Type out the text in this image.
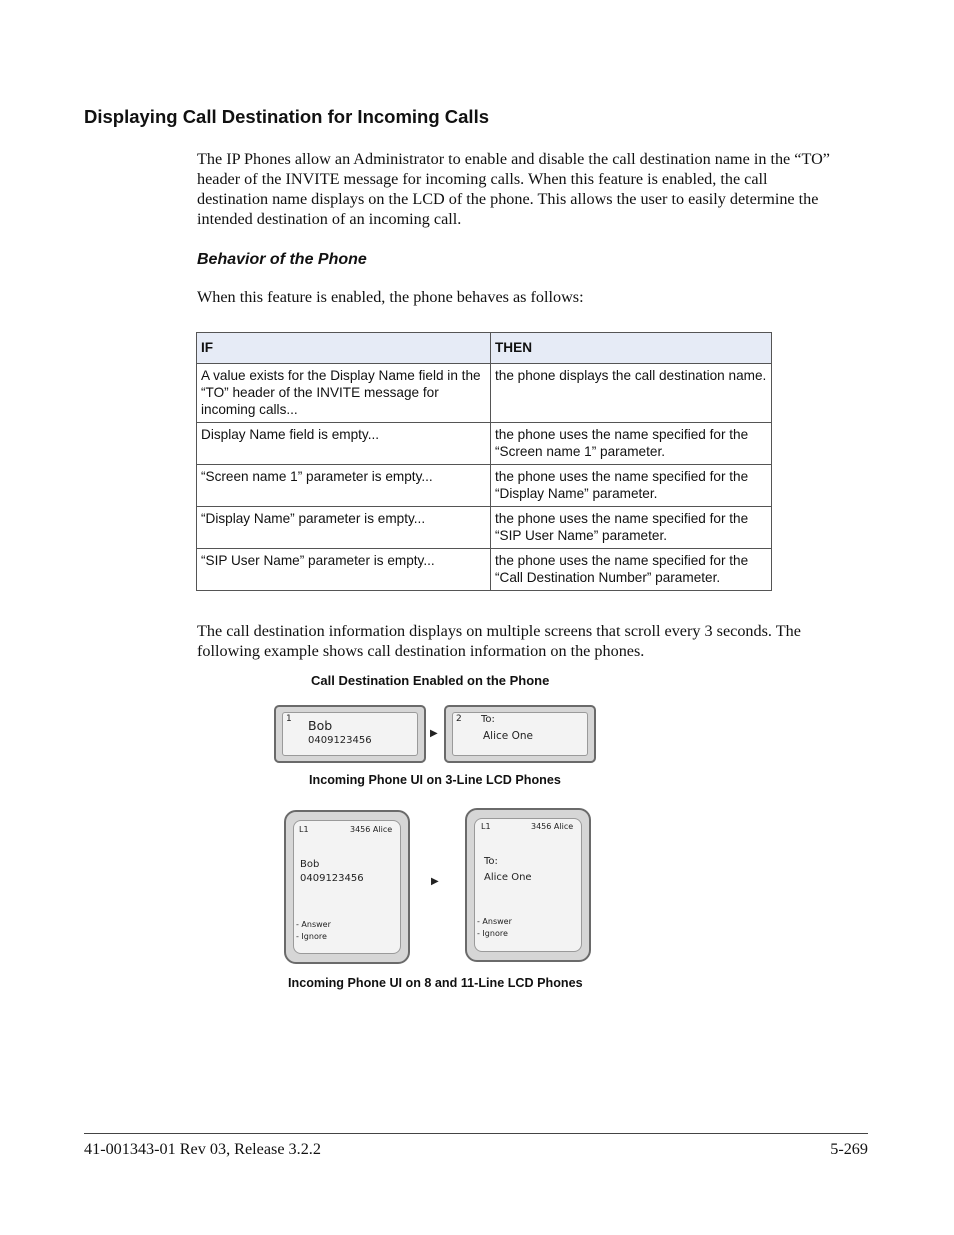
Displaying Call Destination for Incoming Calls
The IP Phones allow an Administrator to enable and disable the call destination name in the “TO”
header of the INVITE message for incoming calls. When this feature is enabled, the call
destination name displays on the LCD of the phone. This allows the user to easily determine the
intended destination of an incoming call.
Behavior of the Phone
When this feature is enabled, the phone behaves as follows:
IF	THEN
A value exists for the Display Name field in the “TO” header of the INVITE message for incoming calls...	the phone displays the call destination name.
Display Name field is empty...	the phone uses the name specified for the “Screen name 1” parameter.
“Screen name 1” parameter is empty...	the phone uses the name specified for the “Display Name” parameter.
“Display Name” parameter is empty...	the phone uses the name specified for the “SIP User Name” parameter.
“SIP User Name” parameter is empty...	the phone uses the name specified for the “Call Destination Number” parameter.
The call destination information displays on multiple screens that scroll every 3 seconds. The
following example shows call destination information on the phones.
Call Destination Enabled on the Phone
1 Bob
0409123456
▶
2 To:
Alice One
Incoming Phone UI on 3-Line LCD Phones
L1	3456 Alice
Bob
0409123456
- Answer
- Ignore
▶
L1	3456 Alice
To:
Alice One
- Answer
- Ignore
Incoming Phone UI on 8 and 11-Line LCD Phones
41-001343-01 Rev 03, Release 3.2.2	5-269
